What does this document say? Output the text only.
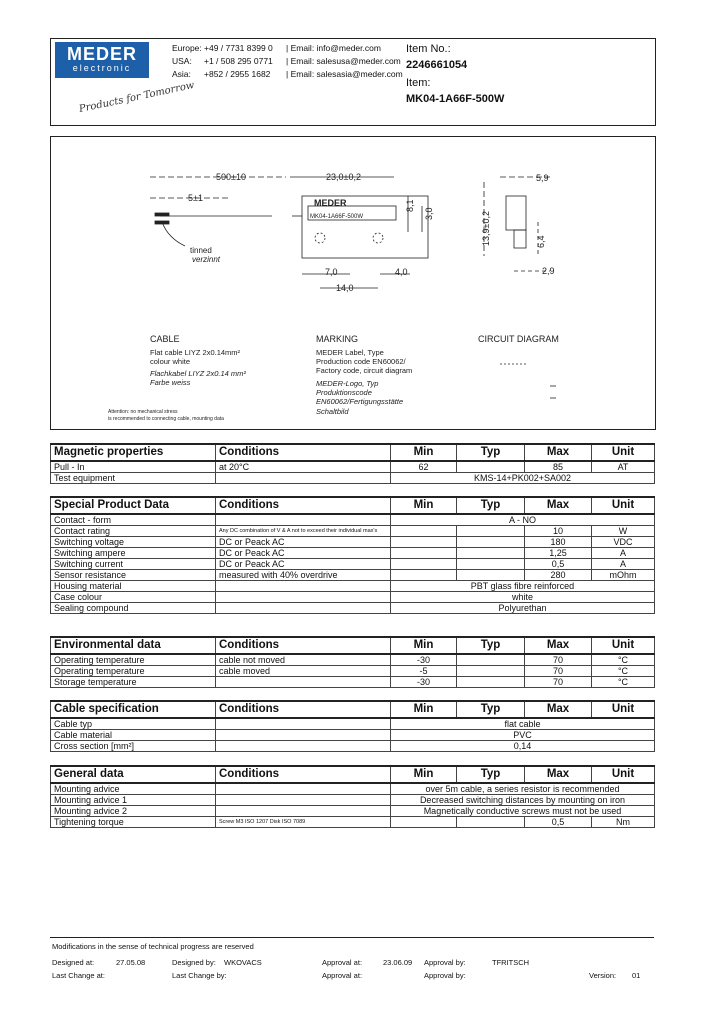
MEDER
electronic
Products for Tomorrow
Europe:
USA:
Asia:
+49 / 7731 8399 0
+1 / 508 295 0771
+852 / 2955 1682
| Email: info@meder.com
| Email: salesusa@meder.com
| Email: salesasia@meder.com
Item No.:
2246661054
Item:
MK04-1A66F-500W
500±10
5±1
tinned
verzinnt
23,0±0,2
MEDER
MK04-1A66F-500W
7,0	4,0
14,0
8,1
3,0
5,9
13,9±0,2	6,4
2,9
CABLE	MARKING	CIRCUIT DIAGRAM
Flat cable LIYZ 2x0.14mm²
colour white
Flachkabel LIYZ 2x0.14 mm²
Farbe weiss
MEDER Label, Type
Production code EN60062/
Factory code, circuit diagram
MEDER-Logo, Typ
Produktionscode
EN60062/Fertigungsstätte
Schaltbild
Attention: no mechanical stress
is recommended to connecting cable, mounting data
Magnetic properties	Conditions	Min	Typ	Max	Unit
Pull - In	at 20°C	62		85	AT
Test equipment		KMS-14+PK002+SA002			
Special Product Data	Conditions	Min	Typ	Max	Unit
Contact - form		A - NO			
Contact rating	Any DC combination of V & A not to exceed their individual max's			10	W
Switching voltage	DC or Peack AC			180	VDC
Switching ampere	DC or Peack AC			1,25	A
Switching current	DC or Peack AC			0,5	A
Sensor resistance	measured with 40% overdrive			280	mOhm
Housing material		PBT glass fibre reinforced			
Case colour		white			
Sealing compound		Polyurethan			
Environmental data	Conditions	Min	Typ	Max	Unit
Operating temperature	cable not moved	-30		70	°C
Operating temperature	cable moved	-5		70	°C
Storage temperature		-30		70	°C
Cable specification	Conditions	Min	Typ	Max	Unit
Cable typ		flat cable			
Cable material		PVC			
Cross section [mm²]		0,14			
General data	Conditions	Min	Typ	Max	Unit
Mounting advice		over 5m cable, a series resistor is recommended			
Mounting advice 1		Decreased switching distances by mounting on iron			
Mounting advice 2		Magnetically conductive screws must not be used			
Tightening torque	Screw M3 ISO 1207 Disk ISO 7089			0,5	Nm
Modifications in the sense of technical progress are reserved
Designed at:	27.05.08	Designed by: WKOVACS	Approval at:	23.06.09 Approval by:	TFRITSCH
Last Change at:	Last Change by:	Approval at:	Approval by:	Version: 01
